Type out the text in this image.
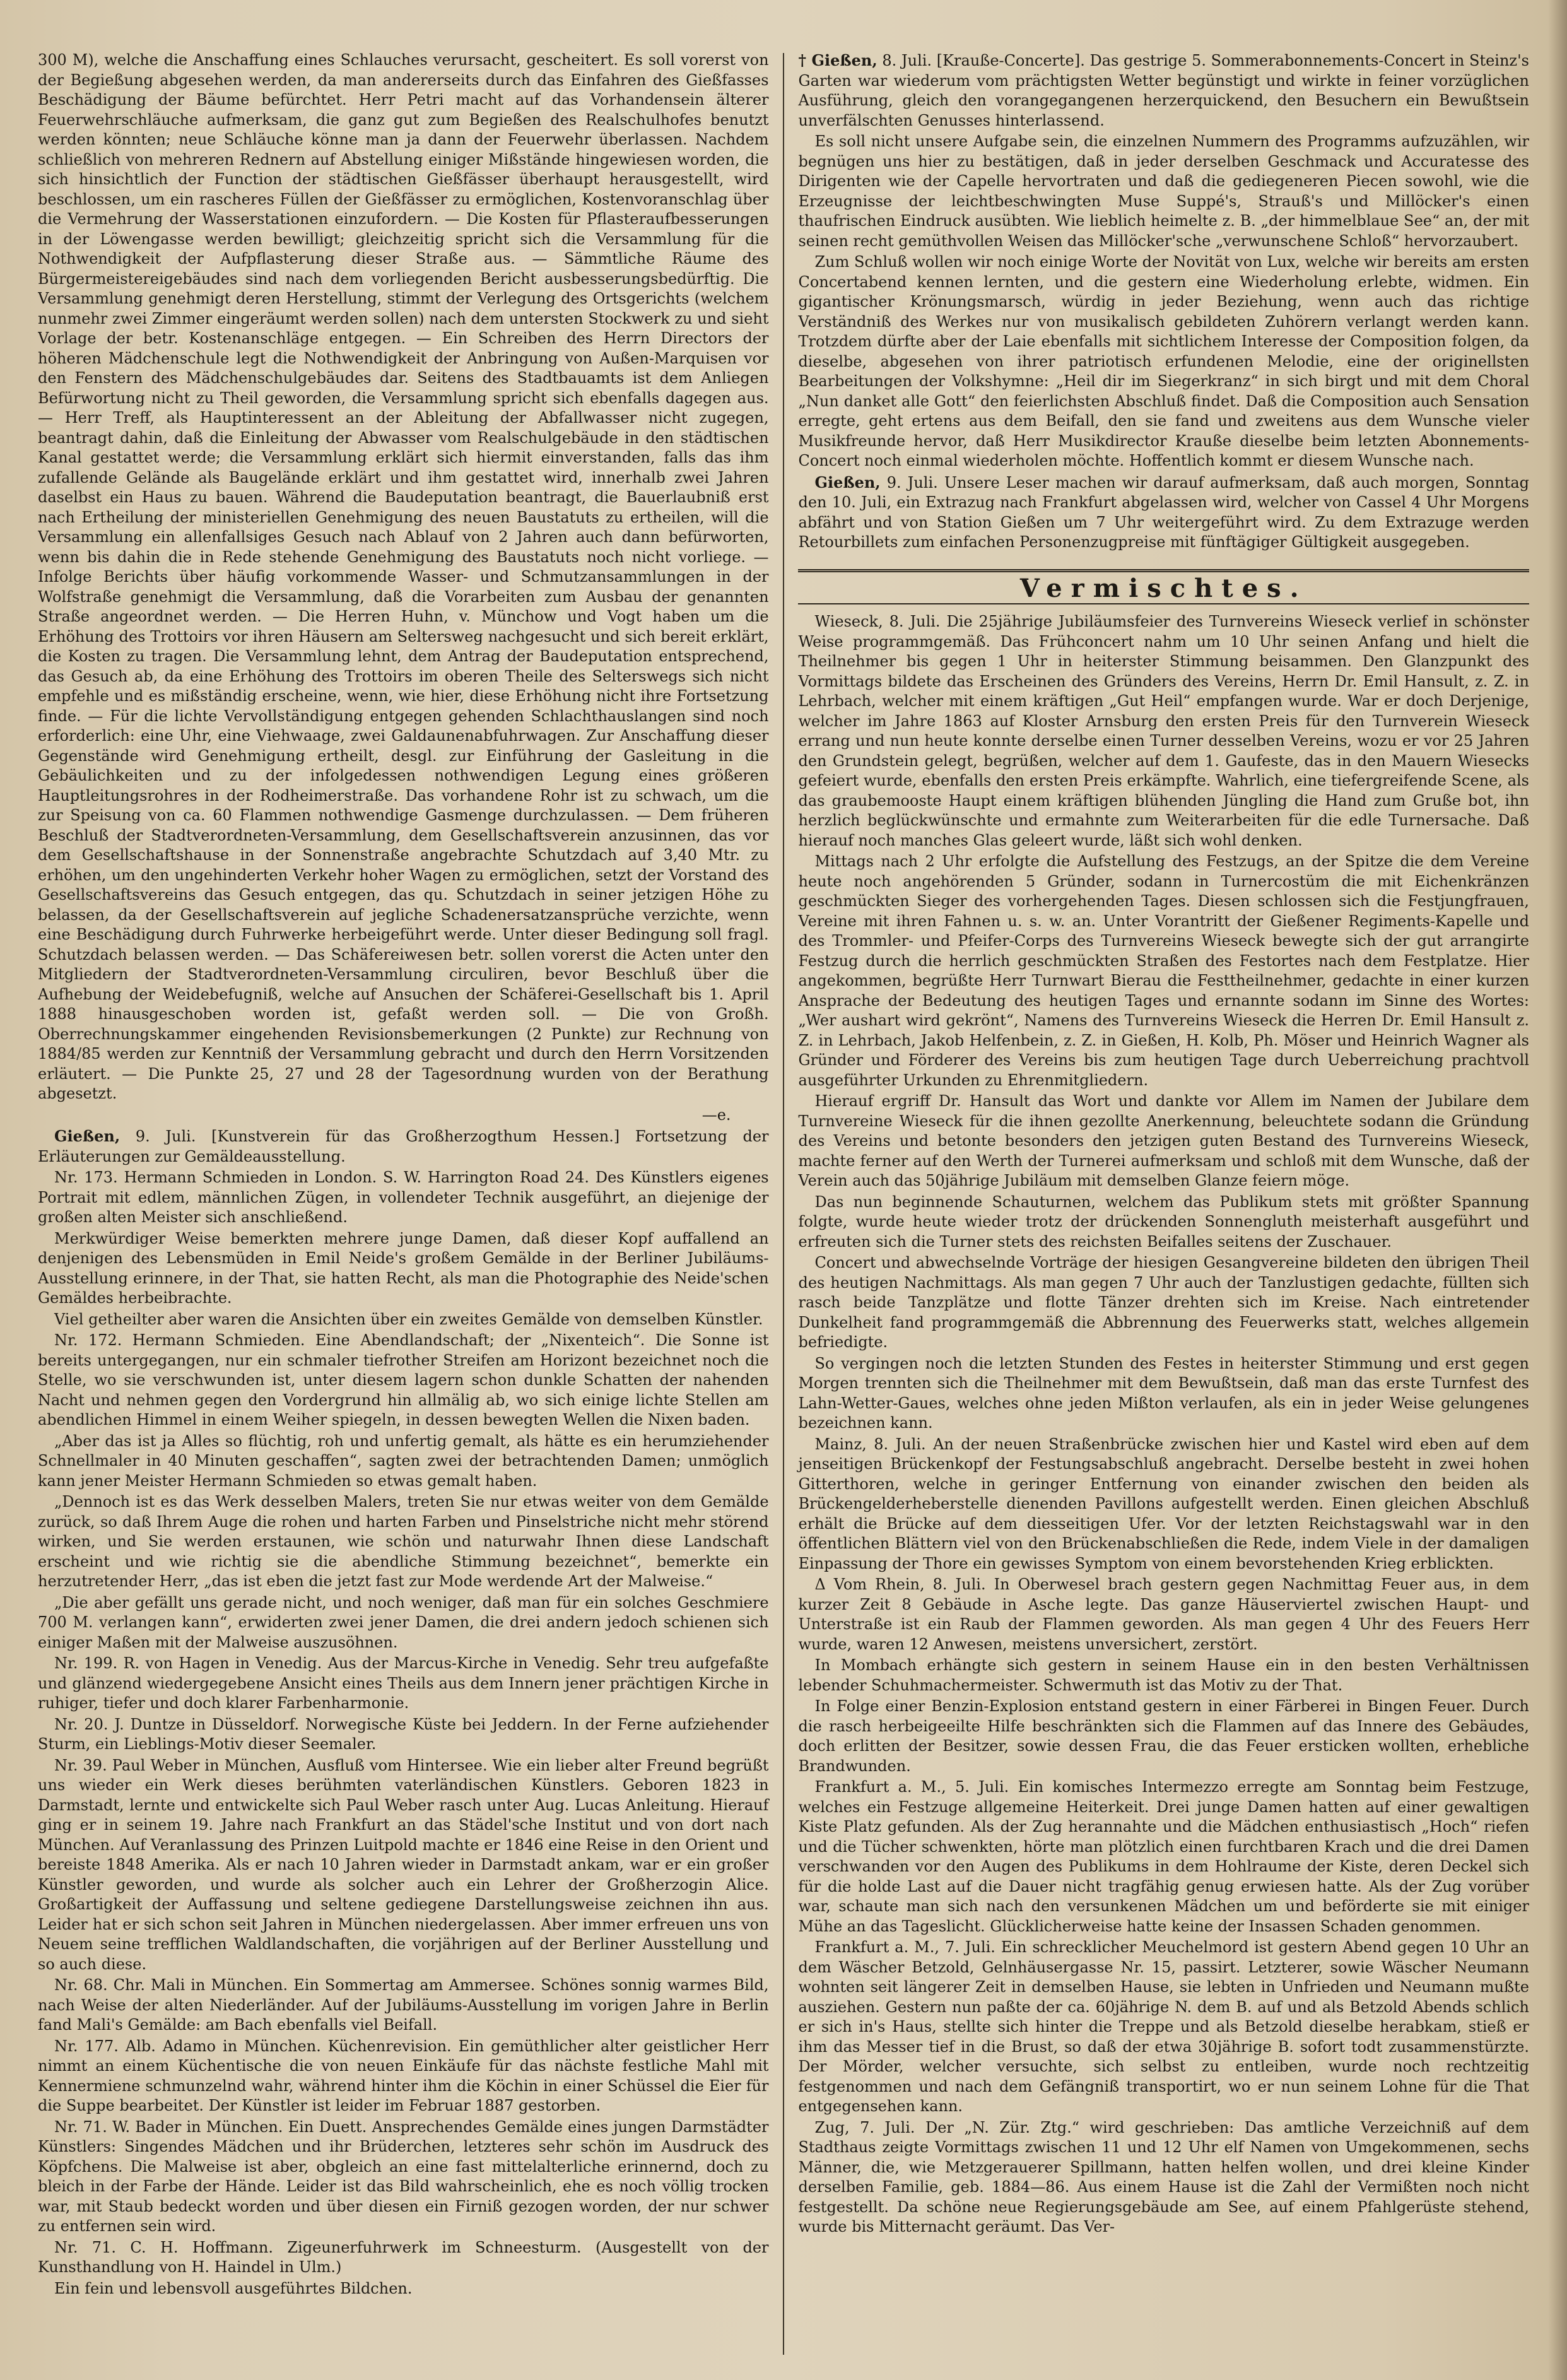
300 M), welche die Anschaffung eines Schlauches verursacht, gescheitert. Es soll vorerst von der Begießung abgesehen werden, da man andererseits durch das Einfahren des Gießfasses Beschädigung der Bäume befürchtet. Herr Petri macht auf das Vorhandensein älterer Feuerwehrschläuche aufmerksam, die ganz gut zum Begießen des Realschulhofes benutzt werden könnten; neue Schläuche könne man ja dann der Feuerwehr überlassen. Nachdem schließlich von mehreren Rednern auf Abstellung einiger Mißstände hingewiesen worden, die sich hinsichtlich der Function der städtischen Gießfässer überhaupt herausgestellt, wird beschlossen, um ein rascheres Füllen der Gießfässer zu ermöglichen, Kostenvoranschlag über die Vermehrung der Wasserstationen einzufordern. — Die Kosten für Pflasteraufbesserungen in der Löwengasse werden bewilligt; gleichzeitig spricht sich die Versammlung für die Nothwendigkeit der Aufpflasterung dieser Straße aus. — Sämmtliche Räume des Bürgermeistereigebäudes sind nach dem vorliegenden Bericht ausbesserungsbedürftig. Die Versammlung genehmigt deren Herstellung, stimmt der Verlegung des Ortsgerichts (welchem nunmehr zwei Zimmer eingeräumt werden sollen) nach dem untersten Stockwerk zu und sieht Vorlage der betr. Kostenanschläge entgegen. — Ein Schreiben des Herrn Directors der höheren Mädchenschule legt die Nothwendigkeit der Anbringung von Außen-Marquisen vor den Fenstern des Mädchenschulgebäudes dar. Seitens des Stadtbauamts ist dem Anliegen Befürwortung nicht zu Theil geworden, die Versammlung spricht sich ebenfalls dagegen aus. — Herr Treff, als Hauptinteressent an der Ableitung der Abfallwasser nicht zugegen, beantragt dahin, daß die Einleitung der Abwasser vom Realschulgebäude in den städtischen Kanal gestattet werde; die Versammlung erklärt sich hiermit einverstanden, falls das ihm zufallende Gelände als Baugelände erklärt und ihm gestattet wird, innerhalb zwei Jahren daselbst ein Haus zu bauen. Während die Baudeputation beantragt, die Bauerlaubniß erst nach Ertheilung der ministeriellen Genehmigung des neuen Baustatuts zu ertheilen, will die Versammlung ein allenfallsiges Gesuch nach Ablauf von 2 Jahren auch dann befürworten, wenn bis dahin die in Rede stehende Genehmigung des Baustatuts noch nicht vorliege. — Infolge Berichts über häufig vorkommende Wasser- und Schmutzansammlungen in der Wolfstraße genehmigt die Versammlung, daß die Vorarbeiten zum Ausbau der genannten Straße angeordnet werden. — Die Herren Huhn, v. Münchow und Vogt haben um die Erhöhung des Trottoirs vor ihren Häusern am Seltersweg nachgesucht und sich bereit erklärt, die Kosten zu tragen. Die Versammlung lehnt, dem Antrag der Baudeputation entsprechend, das Gesuch ab, da eine Erhöhung des Trottoirs im oberen Theile des Selterswegs sich nicht empfehle und es mißständig erscheine, wenn, wie hier, diese Erhöhung nicht ihre Fortsetzung finde. — Für die lichte Vervollständigung entgegen gehenden Schlachthauslangen sind noch erforderlich: eine Uhr, eine Viehwaage, zwei Galdaunenabfuhrwagen. Zur Anschaffung dieser Gegenstände wird Genehmigung ertheilt, desgl. zur Einführung der Gasleitung in die Gebäulichkeiten und zu der infolgedessen nothwendigen Legung eines größeren Hauptleitungsrohres in der Rodheimerstraße. Das vorhandene Rohr ist zu schwach, um die zur Speisung von ca. 60 Flammen nothwendige Gasmenge durchzulassen. — Dem früheren Beschluß der Stadtverordneten-Versammlung, dem Gesellschaftsverein anzusinnen, das vor dem Gesellschaftshause in der Sonnenstraße angebrachte Schutzdach auf 3,40 Mtr. zu erhöhen, um den ungehinderten Verkehr hoher Wagen zu ermöglichen, setzt der Vorstand des Gesellschaftsvereins das Gesuch entgegen, das qu. Schutzdach in seiner jetzigen Höhe zu belassen, da der Gesellschaftsverein auf jegliche Schadenersatzansprüche verzichte, wenn eine Beschädigung durch Fuhrwerke herbeigeführt werde. Unter dieser Bedingung soll fragl. Schutzdach belassen werden. — Das Schäfereiwesen betr. sollen vorerst die Acten unter den Mitgliedern der Stadtverordneten-Versammlung circuliren, bevor Beschluß über die Aufhebung der Weidebefugniß, welche auf Ansuchen der Schäferei-Gesellschaft bis 1. April 1888 hinausgeschoben worden ist, gefaßt werden soll. — Die von Großh. Oberrechnungskammer eingehenden Revisionsbemerkungen (2 Punkte) zur Rechnung von 1884/85 werden zur Kenntniß der Versammlung gebracht und durch den Herrn Vorsitzenden erläutert. — Die Punkte 25, 27 und 28 der Tagesordnung wurden von der Berathung abgesetzt.

—e.

Gießen, 9. Juli. [Kunstverein für das Großherzogthum Hessen.] Fortsetzung der Erläuterungen zur Gemäldeausstellung.

Nr. 173. Hermann Schmieden in London. S. W. Harrington Road 24. Des Künstlers eigenes Portrait mit edlem, männlichen Zügen, in vollendeter Technik ausgeführt, an diejenige der großen alten Meister sich anschließend.

Merkwürdiger Weise bemerkten mehrere junge Damen, daß dieser Kopf auffallend an denjenigen des Lebensmüden in Emil Neide's großem Gemälde in der Berliner Jubiläums-Ausstellung erinnere, in der That, sie hatten Recht, als man die Photographie des Neide'schen Gemäldes herbeibrachte.

Viel getheilter aber waren die Ansichten über ein zweites Gemälde von demselben Künstler.

Nr. 172. Hermann Schmieden. Eine Abendlandschaft; der „Nixenteich“. Die Sonne ist bereits untergegangen, nur ein schmaler tiefrother Streifen am Horizont bezeichnet noch die Stelle, wo sie verschwunden ist, unter diesem lagern schon dunkle Schatten der nahenden Nacht und nehmen gegen den Vordergrund hin allmälig ab, wo sich einige lichte Stellen am abendlichen Himmel in einem Weiher spiegeln, in dessen bewegten Wellen die Nixen baden.

„Aber das ist ja Alles so flüchtig, roh und unfertig gemalt, als hätte es ein herumziehender Schnellmaler in 40 Minuten geschaffen“, sagten zwei der betrachtenden Damen; unmöglich kann jener Meister Hermann Schmieden so etwas gemalt haben.

„Dennoch ist es das Werk desselben Malers, treten Sie nur etwas weiter von dem Gemälde zurück, so daß Ihrem Auge die rohen und harten Farben und Pinselstriche nicht mehr störend wirken, und Sie werden erstaunen, wie schön und naturwahr Ihnen diese Landschaft erscheint und wie richtig sie die abendliche Stimmung bezeichnet“, bemerkte ein herzutretender Herr, „das ist eben die jetzt fast zur Mode werdende Art der Malweise.“

„Die aber gefällt uns gerade nicht, und noch weniger, daß man für ein solches Geschmiere 700 M. verlangen kann“, erwiderten zwei jener Damen, die drei andern jedoch schienen sich einiger Maßen mit der Malweise auszusöhnen.

Nr. 199. R. von Hagen in Venedig. Aus der Marcus-Kirche in Venedig. Sehr treu aufgefaßte und glänzend wiedergegebene Ansicht eines Theils aus dem Innern jener prächtigen Kirche in ruhiger, tiefer und doch klarer Farbenharmonie.

Nr. 20. J. Duntze in Düsseldorf. Norwegische Küste bei Jeddern. In der Ferne aufziehender Sturm, ein Lieblings-Motiv dieser Seemaler.

Nr. 39. Paul Weber in München, Ausfluß vom Hintersee. Wie ein lieber alter Freund begrüßt uns wieder ein Werk dieses berühmten vaterländischen Künstlers. Geboren 1823 in Darmstadt, lernte und entwickelte sich Paul Weber rasch unter Aug. Lucas Anleitung. Hierauf ging er in seinem 19. Jahre nach Frankfurt an das Städel'sche Institut und von dort nach München. Auf Veranlassung des Prinzen Luitpold machte er 1846 eine Reise in den Orient und bereiste 1848 Amerika. Als er nach 10 Jahren wieder in Darmstadt ankam, war er ein großer Künstler geworden, und wurde als solcher auch ein Lehrer der Großherzogin Alice. Großartigkeit der Auffassung und seltene gediegene Darstellungsweise zeichnen ihn aus. Leider hat er sich schon seit Jahren in München niedergelassen. Aber immer erfreuen uns von Neuem seine trefflichen Waldlandschaften, die vorjährigen auf der Berliner Ausstellung und so auch diese.

Nr. 68. Chr. Mali in München. Ein Sommertag am Ammersee. Schönes sonnig warmes Bild, nach Weise der alten Niederländer. Auf der Jubiläums-Ausstellung im vorigen Jahre in Berlin fand Mali's Gemälde: am Bach ebenfalls viel Beifall.

Nr. 177. Alb. Adamo in München. Küchenrevision. Ein gemüthlicher alter geistlicher Herr nimmt an einem Küchentische die von neuen Einkäufe für das nächste festliche Mahl mit Kennermiene schmunzelnd wahr, während hinter ihm die Köchin in einer Schüssel die Eier für die Suppe bearbeitet. Der Künstler ist leider im Februar 1887 gestorben.

Nr. 71. W. Bader in München. Ein Duett. Ansprechendes Gemälde eines jungen Darmstädter Künstlers: Singendes Mädchen und ihr Brüderchen, letzteres sehr schön im Ausdruck des Köpfchens. Die Malweise ist aber, obgleich an eine fast mittelalterliche erinnernd, doch zu bleich in der Farbe der Hände. Leider ist das Bild wahrscheinlich, ehe es noch völlig trocken war, mit Staub bedeckt worden und über diesen ein Firniß gezogen worden, der nur schwer zu entfernen sein wird.

Nr. 71. C. H. Hoffmann. Zigeunerfuhrwerk im Schneesturm. (Ausgestellt von der Kunsthandlung von H. Haindel in Ulm.)

Ein fein und lebensvoll ausgeführtes Bildchen.

† Gießen, 8. Juli. [Krauße-Concerte]. Das gestrige 5. Sommerabonnements-Concert in Steinz's Garten war wiederum vom prächtigsten Wetter begünstigt und wirkte in feiner vorzüglichen Ausführung, gleich den vorangegangenen herzerquickend, den Besuchern ein Bewußtsein unverfälschten Genusses hinterlassend.

Es soll nicht unsere Aufgabe sein, die einzelnen Nummern des Programms aufzuzählen, wir begnügen uns hier zu bestätigen, daß in jeder derselben Geschmack und Accuratesse des Dirigenten wie der Capelle hervortraten und daß die gediegeneren Piecen sowohl, wie die Erzeugnisse der leichtbeschwingten Muse Suppé's, Strauß's und Millöcker's einen thaufrischen Eindruck ausübten. Wie lieblich heimelte z. B. „der himmelblaue See“ an, der mit seinen recht gemüthvollen Weisen das Millöcker'sche „verwunschene Schloß“ hervorzaubert.

Zum Schluß wollen wir noch einige Worte der Novität von Lux, welche wir bereits am ersten Concertabend kennen lernten, und die gestern eine Wiederholung erlebte, widmen. Ein gigantischer Krönungsmarsch, würdig in jeder Beziehung, wenn auch das richtige Verständniß des Werkes nur von musikalisch gebildeten Zuhörern verlangt werden kann. Trotzdem dürfte aber der Laie ebenfalls mit sichtlichem Interesse der Composition folgen, da dieselbe, abgesehen von ihrer patriotisch erfundenen Melodie, eine der originellsten Bearbeitungen der Volkshymne: „Heil dir im Siegerkranz“ in sich birgt und mit dem Choral „Nun danket alle Gott“ den feierlichsten Abschluß findet. Daß die Composition auch Sensation erregte, geht ertens aus dem Beifall, den sie fand und zweitens aus dem Wunsche vieler Musikfreunde hervor, daß Herr Musikdirector Krauße dieselbe beim letzten Abonnements-Concert noch einmal wiederholen möchte. Hoffentlich kommt er diesem Wunsche nach.

Gießen, 9. Juli. Unsere Leser machen wir darauf aufmerksam, daß auch morgen, Sonntag den 10. Juli, ein Extrazug nach Frankfurt abgelassen wird, welcher von Cassel 4 Uhr Morgens abfährt und von Station Gießen um 7 Uhr weitergeführt wird. Zu dem Extrazuge werden Retourbillets zum einfachen Personenzugpreise mit fünftägiger Gültigkeit ausgegeben.

Vermischtes.

Wieseck, 8. Juli. Die 25jährige Jubiläumsfeier des Turnvereins Wieseck verlief in schönster Weise programmgemäß. Das Frühconcert nahm um 10 Uhr seinen Anfang und hielt die Theilnehmer bis gegen 1 Uhr in heiterster Stimmung beisammen. Den Glanzpunkt des Vormittags bildete das Erscheinen des Gründers des Vereins, Herrn Dr. Emil Hansult, z. Z. in Lehrbach, welcher mit einem kräftigen „Gut Heil“ empfangen wurde. War er doch Derjenige, welcher im Jahre 1863 auf Kloster Arnsburg den ersten Preis für den Turnverein Wieseck errang und nun heute konnte derselbe einen Turner desselben Vereins, wozu er vor 25 Jahren den Grundstein gelegt, begrüßen, welcher auf dem 1. Gaufeste, das in den Mauern Wiesecks gefeiert wurde, ebenfalls den ersten Preis erkämpfte. Wahrlich, eine tiefergreifende Scene, als das graubemooste Haupt einem kräftigen blühenden Jüngling die Hand zum Gruße bot, ihn herzlich beglückwünschte und ermahnte zum Weiterarbeiten für die edle Turnersache. Daß hierauf noch manches Glas geleert wurde, läßt sich wohl denken.

Mittags nach 2 Uhr erfolgte die Aufstellung des Festzugs, an der Spitze die dem Vereine heute noch angehörenden 5 Gründer, sodann in Turnercostüm die mit Eichenkränzen geschmückten Sieger des vorhergehenden Tages. Diesen schlossen sich die Festjungfrauen, Vereine mit ihren Fahnen u. s. w. an. Unter Vorantritt der Gießener Regiments-Kapelle und des Trommler- und Pfeifer-Corps des Turnvereins Wieseck bewegte sich der gut arrangirte Festzug durch die herrlich geschmückten Straßen des Festortes nach dem Festplatze. Hier angekommen, begrüßte Herr Turnwart Bierau die Festtheilnehmer, gedachte in einer kurzen Ansprache der Bedeutung des heutigen Tages und ernannte sodann im Sinne des Wortes: „Wer aushart wird gekrönt“, Namens des Turnvereins Wieseck die Herren Dr. Emil Hansult z. Z. in Lehrbach, Jakob Helfenbein, z. Z. in Gießen, H. Kolb, Ph. Möser und Heinrich Wagner als Gründer und Förderer des Vereins bis zum heutigen Tage durch Ueberreichung prachtvoll ausgeführter Urkunden zu Ehrenmitgliedern.

Hierauf ergriff Dr. Hansult das Wort und dankte vor Allem im Namen der Jubilare dem Turnvereine Wieseck für die ihnen gezollte Anerkennung, beleuchtete sodann die Gründung des Vereins und betonte besonders den jetzigen guten Bestand des Turnvereins Wieseck, machte ferner auf den Werth der Turnerei aufmerksam und schloß mit dem Wunsche, daß der Verein auch das 50jährige Jubiläum mit demselben Glanze feiern möge.

Das nun beginnende Schauturnen, welchem das Publikum stets mit größter Spannung folgte, wurde heute wieder trotz der drückenden Sonnengluth meisterhaft ausgeführt und erfreuten sich die Turner stets des reichsten Beifalles seitens der Zuschauer.

Concert und abwechselnde Vorträge der hiesigen Gesangvereine bildeten den übrigen Theil des heutigen Nachmittags. Als man gegen 7 Uhr auch der Tanzlustigen gedachte, füllten sich rasch beide Tanzplätze und flotte Tänzer drehten sich im Kreise. Nach eintretender Dunkelheit fand programmgemäß die Abbrennung des Feuerwerks statt, welches allgemein befriedigte.

So vergingen noch die letzten Stunden des Festes in heiterster Stimmung und erst gegen Morgen trennten sich die Theilnehmer mit dem Bewußtsein, daß man das erste Turnfest des Lahn-Wetter-Gaues, welches ohne jeden Mißton verlaufen, als ein in jeder Weise gelungenes bezeichnen kann.

Mainz, 8. Juli. An der neuen Straßenbrücke zwischen hier und Kastel wird eben auf dem jenseitigen Brückenkopf der Festungsabschluß angebracht. Derselbe besteht in zwei hohen Gitterthoren, welche in geringer Entfernung von einander zwischen den beiden als Brückengelderheberstelle dienenden Pavillons aufgestellt werden. Einen gleichen Abschluß erhält die Brücke auf dem diesseitigen Ufer. Vor der letzten Reichstagswahl war in den öffentlichen Blättern viel von den Brückenabschließen die Rede, indem Viele in der damaligen Einpassung der Thore ein gewisses Symptom von einem bevorstehenden Krieg erblickten.

Δ Vom Rhein, 8. Juli. In Oberwesel brach gestern gegen Nachmittag Feuer aus, in dem kurzer Zeit 8 Gebäude in Asche legte. Das ganze Häuserviertel zwischen Haupt- und Unterstraße ist ein Raub der Flammen geworden. Als man gegen 4 Uhr des Feuers Herr wurde, waren 12 Anwesen, meistens unversichert, zerstört.

In Mombach erhängte sich gestern in seinem Hause ein in den besten Verhältnissen lebender Schuhmachermeister. Schwermuth ist das Motiv zu der That.

In Folge einer Benzin-Explosion entstand gestern in einer Färberei in Bingen Feuer. Durch die rasch herbeigeeilte Hilfe beschränkten sich die Flammen auf das Innere des Gebäudes, doch erlitten der Besitzer, sowie dessen Frau, die das Feuer ersticken wollten, erhebliche Brandwunden.

Frankfurt a. M., 5. Juli. Ein komisches Intermezzo erregte am Sonntag beim Festzuge, welches ein Festzuge allgemeine Heiterkeit. Drei junge Damen hatten auf einer gewaltigen Kiste Platz gefunden. Als der Zug herannahte und die Mädchen enthusiastisch „Hoch“ riefen und die Tücher schwenkten, hörte man plötzlich einen furchtbaren Krach und die drei Damen verschwanden vor den Augen des Publikums in dem Hohlraume der Kiste, deren Deckel sich für die holde Last auf die Dauer nicht tragfähig genug erwiesen hatte. Als der Zug vorüber war, schaute man sich nach den versunkenen Mädchen um und beförderte sie mit einiger Mühe an das Tageslicht. Glücklicherweise hatte keine der Insassen Schaden genommen.

Frankfurt a. M., 7. Juli. Ein schrecklicher Meuchelmord ist gestern Abend gegen 10 Uhr an dem Wäscher Betzold, Gelnhäusergasse Nr. 15, passirt. Letzterer, sowie Wäscher Neumann wohnten seit längerer Zeit in demselben Hause, sie lebten in Unfrieden und Neumann mußte ausziehen. Gestern nun paßte der ca. 60jährige N. dem B. auf und als Betzold Abends schlich er sich in's Haus, stellte sich hinter die Treppe und als Betzold dieselbe herabkam, stieß er ihm das Messer tief in die Brust, so daß der etwa 30jährige B. sofort todt zusammenstürzte. Der Mörder, welcher versuchte, sich selbst zu entleiben, wurde noch rechtzeitig festgenommen und nach dem Gefängniß transportirt, wo er nun seinem Lohne für die That entgegensehen kann.

Zug, 7. Juli. Der „N. Zür. Ztg.“ wird geschrieben: Das amtliche Verzeichniß auf dem Stadthaus zeigte Vormittags zwischen 11 und 12 Uhr elf Namen von Umgekommenen, sechs Männer, die, wie Metzgerauerer Spillmann, hatten helfen wollen, und drei kleine Kinder derselben Familie, geb. 1884—86. Aus einem Hause ist die Zahl der Vermißten noch nicht festgestellt. Da schöne neue Regierungsgebäude am See, auf einem Pfahlgerüste stehend, wurde bis Mitternacht geräumt. Das Ver-
